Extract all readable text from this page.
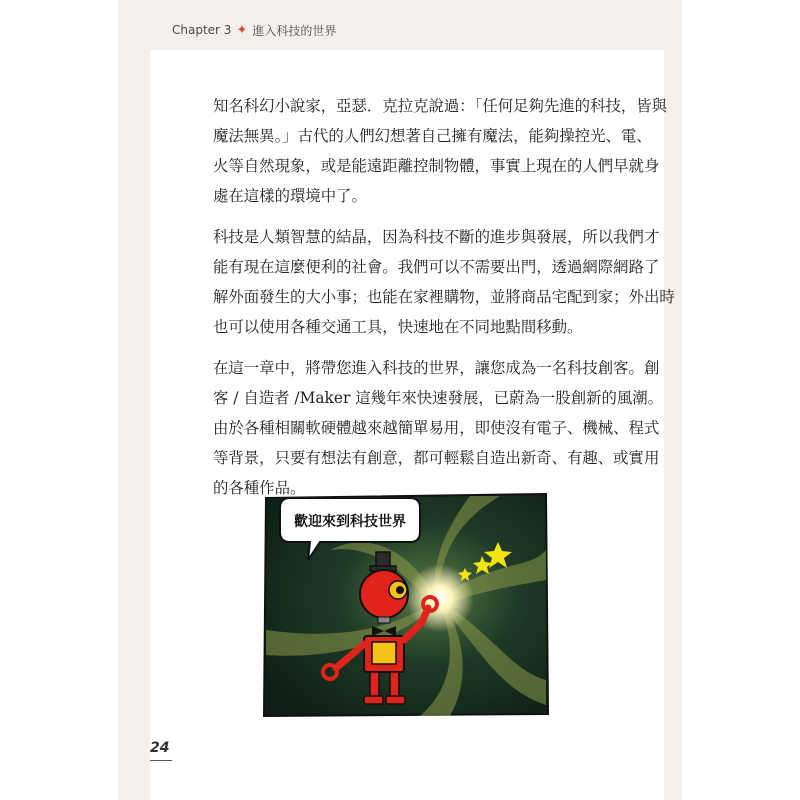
Chapter 3 ✦ 進入科技的世界

知名科幻小說家，亞瑟．克拉克說過：「任何足夠先進的科技，皆與
魔法無異。」古代的人們幻想著自己擁有魔法，能夠操控光、電、
火等自然現象，或是能遠距離控制物體，事實上現在的人們早就身
處在這樣的環境中了。

科技是人類智慧的結晶，因為科技不斷的進步與發展，所以我們才
能有現在這麼便利的社會。我們可以不需要出門，透過網際網路了
解外面發生的大小事；也能在家裡購物，並將商品宅配到家；外出時
也可以使用各種交通工具，快速地在不同地點間移動。

在這一章中，將帶您進入科技的世界，讓您成為一名科技創客。創
客 / 自造者 /Maker 這幾年來快速發展，已蔚為一股創新的風潮。
由於各種相關軟硬體越來越簡單易用，即使沒有電子、機械、程式
等背景，只要有想法有創意，都可輕鬆自造出新奇、有趣、或實用
的各種作品。

歡迎來到科技世界
24
